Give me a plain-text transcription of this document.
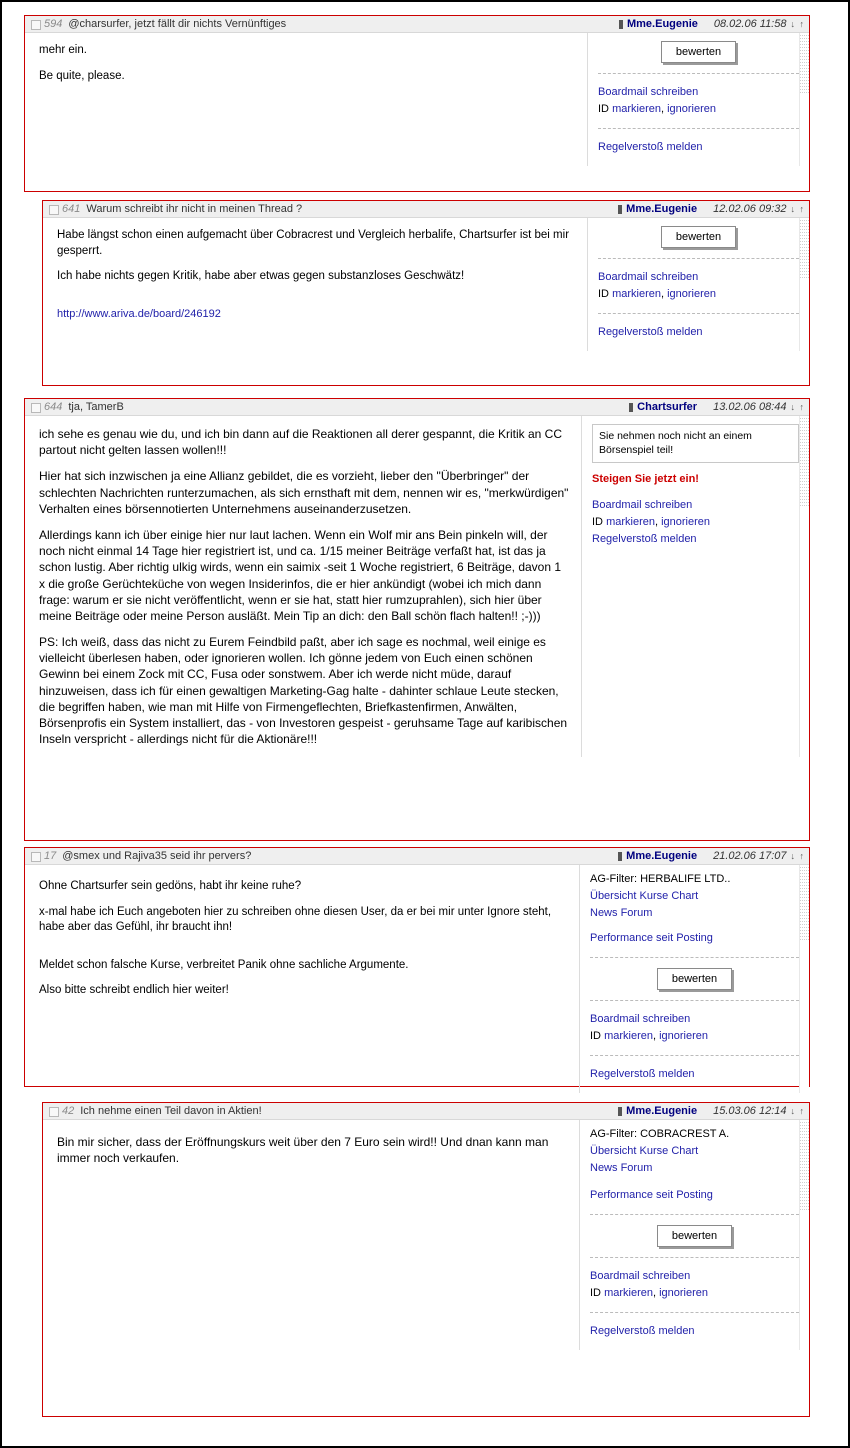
594 @charsurfer, jetzt fällt dir nichts Vernünftiges	Mme.Eugenie 08.02.06 11:58 ↓ ↑

mehr ein.

Be quite, please.

bewerten
Boardmail schreiben
ID markieren, ignorieren
Regelverstoß melden
641 Warum schreibt ihr nicht in meinen Thread ?	Mme.Eugenie 12.02.06 09:32 ↓ ↑

Habe längst schon einen aufgemacht über Cobracrest und Vergleich herbalife, Chartsurfer ist bei mir gesperrt.

Ich habe nichts gegen Kritik, habe aber etwas gegen substanzloses Geschwätz!

http://www.ariva.de/board/246192

bewerten
Boardmail schreiben
ID markieren, ignorieren
Regelverstoß melden
644 tja, TamerB	Chartsurfer 13.02.06 08:44 ↓ ↑

ich sehe es genau wie du, und ich bin dann auf die Reaktionen all derer gespannt, die Kritik an CC partout nicht gelten lassen wollen!!!

Hier hat sich inzwischen ja eine Allianz gebildet, die es vorzieht, lieber den "Überbringer" der schlechten Nachrichten runterzumachen, als sich ernsthaft mit dem, nennen wir es, "merkwürdigen" Verhalten eines börsennotierten Unternehmens auseinanderzusetzen.

Allerdings kann ich über einige hier nur laut lachen. Wenn ein Wolf mir ans Bein pinkeln will, der noch nicht einmal 14 Tage hier registriert ist, und ca. 1/15 meiner Beiträge verfaßt hat, ist das ja schon lustig. Aber richtig ulkig wirds, wenn ein saimix -seit 1 Woche registriert, 6 Beiträge, davon 1 x die große Gerüchteküche von wegen Insiderinfos, die er hier ankündigt (wobei ich mich dann frage: warum er sie nicht veröffentlicht, wenn er sie hat, statt hier rumzuprahlen), sich hier über meine Beiträge oder meine Person ausläßt. Mein Tip an dich: den Ball schön flach halten!! ;-)))

PS: Ich weiß, dass das nicht zu Eurem Feindbild paßt, aber ich sage es nochmal, weil einige es vielleicht überlesen haben, oder ignorieren wollen. Ich gönne jedem von Euch einen schönen Gewinn bei einem Zock mit CC, Fusa oder sonstwem. Aber ich werde nicht müde, darauf hinzuweisen, dass ich für einen gewaltigen Marketing-Gag halte - dahinter schlaue Leute stecken, die begriffen haben, wie man mit Hilfe von Firmengeflechten, Briefkastenfirmen, Anwälten, Börsenprofis ein System installiert, das - von Investoren gespeist - geruhsame Tage auf karibischen Inseln verspricht - allerdings nicht für die Aktionäre!!!

Sie nehmen noch nicht an einem Börsenspiel teil!
Steigen Sie jetzt ein!
Boardmail schreiben
ID markieren, ignorieren
Regelverstoß melden
17 @smex und Rajiva35 seid ihr pervers?	Mme.Eugenie 21.02.06 17:07 ↓ ↑

Ohne Chartsurfer sein gedöns, habt ihr keine ruhe?

x-mal habe ich Euch angeboten hier zu schreiben ohne diesen User, da er bei mir unter Ignore steht, habe aber das Gefühl, ihr braucht ihn!

Meldet schon falsche Kurse, verbreitet Panik ohne sachliche Argumente.

Also bitte schreibt endlich hier weiter!

AG-Filter: HERBALIFE LTD..
Übersicht Kurse Chart
News Forum
Performance seit Posting
bewerten
Boardmail schreiben
ID markieren, ignorieren
Regelverstoß melden
42 Ich nehme einen Teil davon in Aktien!	Mme.Eugenie 15.03.06 12:14 ↓ ↑

Bin mir sicher, dass der Eröffnungskurs weit über den 7 Euro sein wird!! Und dnan kann man immer noch verkaufen.

AG-Filter: COBRACREST A.
Übersicht Kurse Chart
News Forum
Performance seit Posting
bewerten
Boardmail schreiben
ID markieren, ignorieren
Regelverstoß melden
